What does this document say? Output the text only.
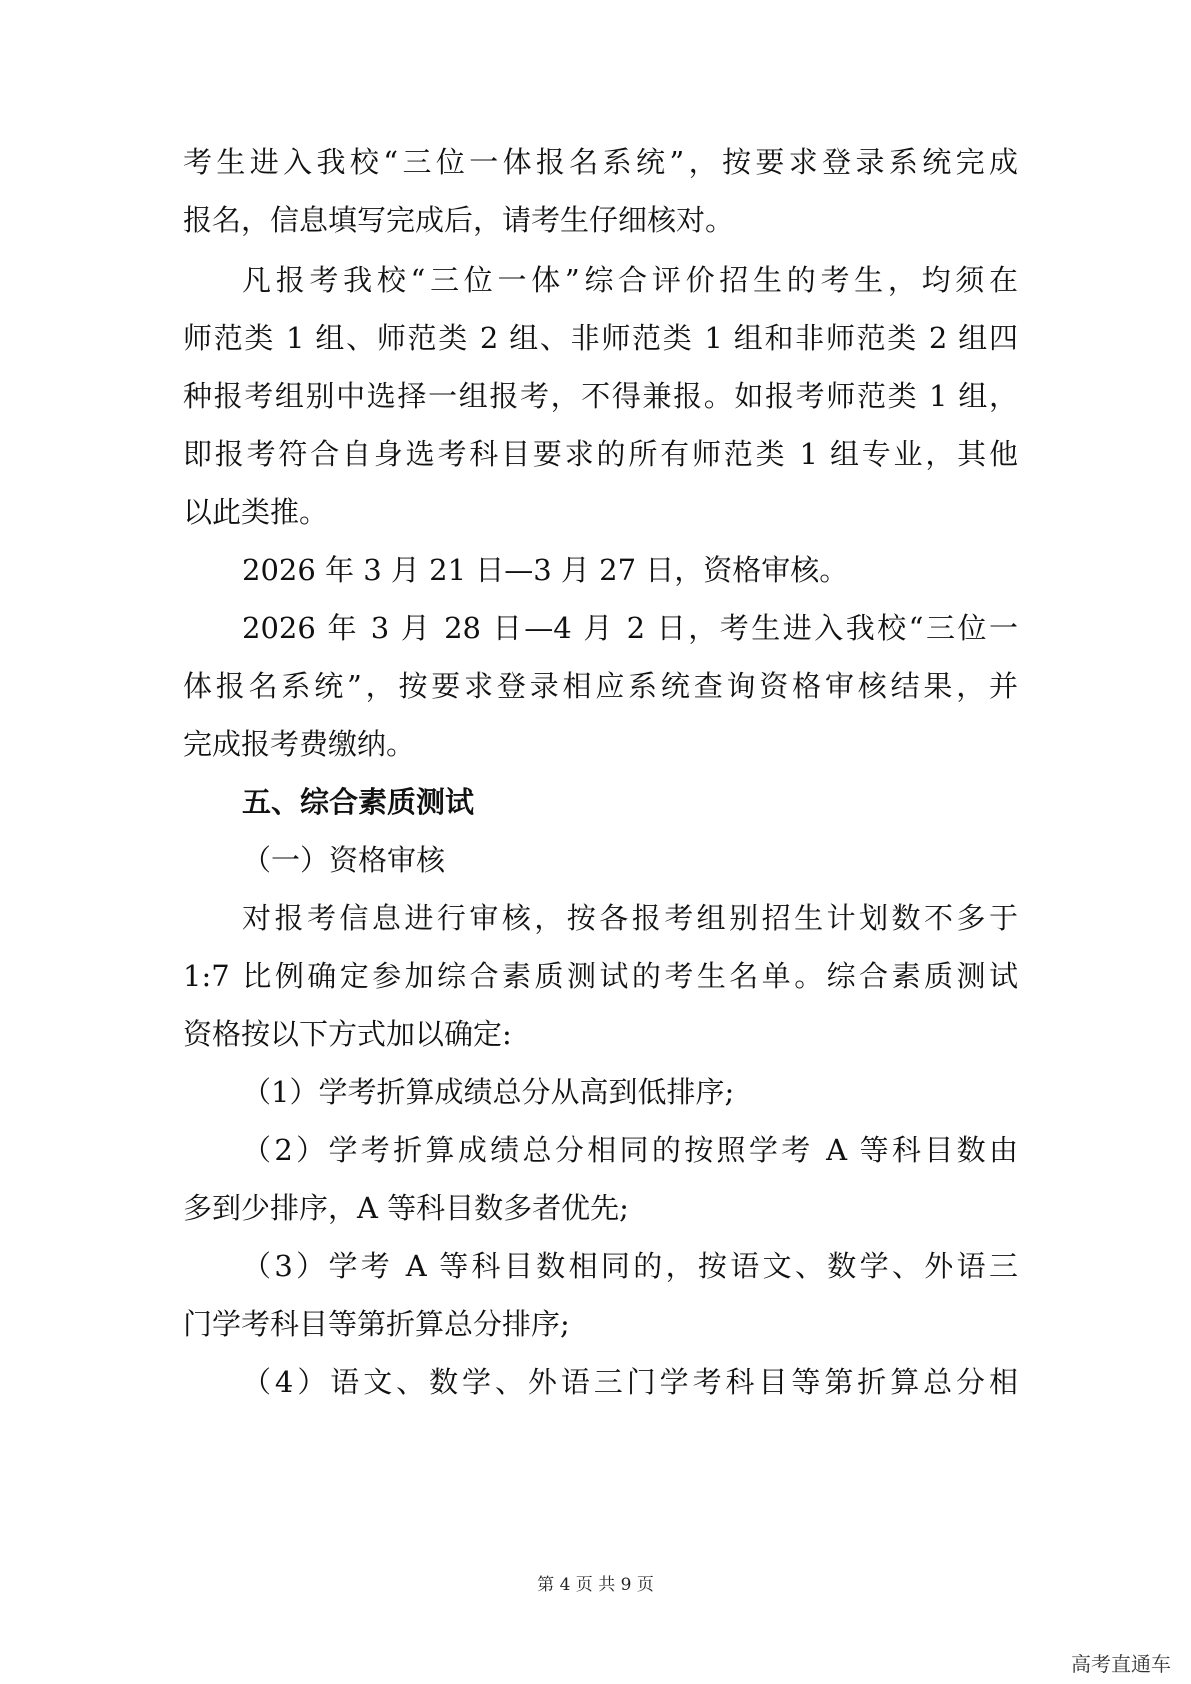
考生进入我校“三位一体报名系统”，按要求登录系统完成
报名，信息填写完成后，请考生仔细核对。
凡报考我校“三位一体”综合评价招生的考生，均须在
师范类 1 组、师范类 2 组、非师范类 1 组和非师范类 2 组四
种报考组别中选择一组报考，不得兼报。如报考师范类 1 组，
即报考符合自身选考科目要求的所有师范类 1 组专业，其他
以此类推。
2026 年 3 月 21 日—3 月 27 日，资格审核。
2026 年 3 月 28 日—4 月 2 日，考生进入我校“三位一
体报名系统”，按要求登录相应系统查询资格审核结果，并
完成报考费缴纳。
五、综合素质测试
（一）资格审核
对报考信息进行审核，按各报考组别招生计划数不多于
1:7 比例确定参加综合素质测试的考生名单。综合素质测试
资格按以下方式加以确定:
（1）学考折算成绩总分从高到低排序;
（2）学考折算成绩总分相同的按照学考 A 等科目数由
多到少排序，A 等科目数多者优先;
（3）学考 A 等科目数相同的，按语文、数学、外语三
门学考科目等第折算总分排序;
（4）语文、数学、外语三门学考科目等第折算总分相
第 4 页 共 9 页
高考直通车
